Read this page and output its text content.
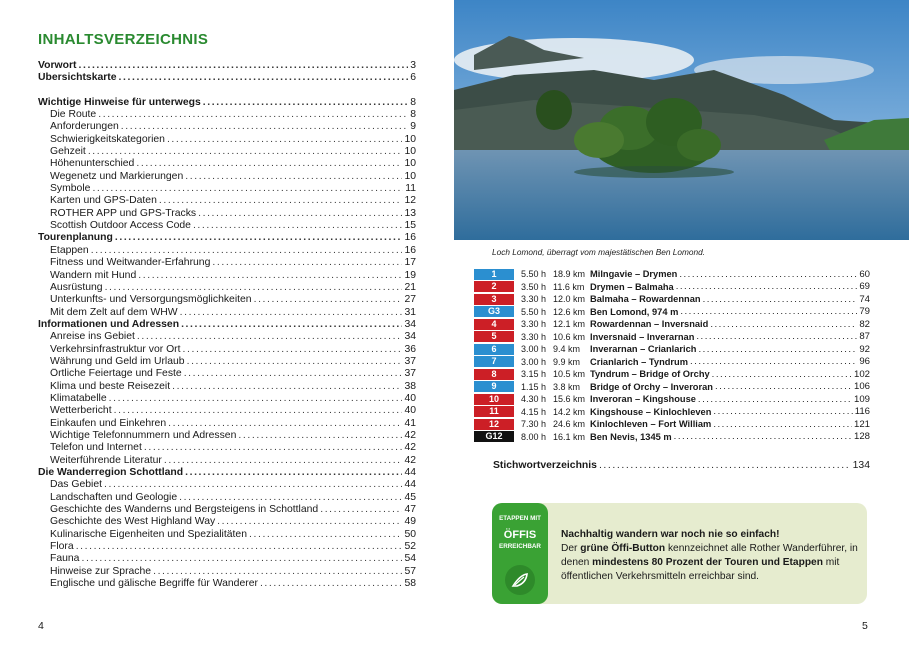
INHALTSVERZEICHNIS
Vorwort .....	3
Übersichtskarte .....	6
Wichtige Hinweise für unterwegs .....	8
Die Route .....	8
Anforderungen .....	9
Schwierigkeitskategorien .....	10
Gehzeit .....	10
Höhenunterschied .....	10
Wegenetz und Markierungen .....	10
Symbole .....	11
Karten und GPS-Daten .....	12
ROTHER APP und GPS-Tracks .....	13
Scottish Outdoor Access Code .....	15
Tourenplanung .....	16
Etappen .....	16
Fitness und Weitwander-Erfahrung .....	17
Wandern mit Hund .....	19
Ausrüstung .....	21
Unterkunfts- und Versorgungsmöglichkeiten .....	27
Mit dem Zelt auf dem WHW .....	31
Informationen und Adressen .....	34
Anreise ins Gebiet .....	34
Verkehrsinfrastruktur vor Ort .....	36
Währung und Geld im Urlaub .....	37
Örtliche Feiertage und Feste .....	37
Klima und beste Reisezeit .....	38
Klimatabelle .....	40
Wetterbericht .....	40
Einkaufen und Einkehren .....	41
Wichtige Telefonnummern und Adressen .....	42
Telefon und Internet .....	42
Weiterführende Literatur .....	42
Die Wanderregion Schottland .....	44
Das Gebiet .....	44
Landschaften und Geologie .....	45
Geschichte des Wanderns und Bergsteigens in Schottland .....	47
Geschichte des West Highland Way .....	49
Kulinarische Eigenheiten und Spezialitäten .....	50
Flora .....	52
Fauna .....	54
Hinweise zur Sprache .....	57
Englische und gälische Begriffe für Wanderer .....	58
4
Loch Lomond, überragt vom majestätischen Ben Lomond.
1	5.50 h 18.9 km Milngavie – Drymen .....	60
2	3.50 h 11.6 km Drymen – Balmaha .....	69
3	3.30 h 12.0 km Balmaha – Rowardennan .....	74
G3	5.50 h 12.6 km Ben Lomond, 974 m .....	79
4	3.30 h 12.1 km Rowardennan – Inversnaid .....	82
5	3.30 h 10.6 km Inversnaid – Inverarnan .....	87
6	3.00 h 9.4 km	Inverarnan – Crianlarich .....	92
7	3.00 h 9.9 km	Crianlarich – Tyndrum .....	96
8	3.15 h 10.5 km Tyndrum – Bridge of Orchy .....	102
9	1.15 h 3.8 km	Bridge of Orchy – Inveroran .....	106
10	4.30 h 15.6 km Inveroran – Kingshouse .....	109
11	4.15 h 14.2 km Kingshouse – Kinlochleven .....	116
12	7.30 h 24.6 km Kinlochleven – Fort William .....	121
G12	8.00 h 16.1 km Ben Nevis, 1345 m .....	128
Stichwortverzeichnis .....	134
ETAPPEN MIT
ÖFFIS
ERREICHBAR
Nachhaltig wandern war noch nie so einfach!
Der grüne Öffi-Button kennzeichnet alle Rother Wanderführer, in denen mindestens 80 Prozent der Touren und Etappen mit öffentlichen Verkehrsmitteln erreichbar sind.
5
